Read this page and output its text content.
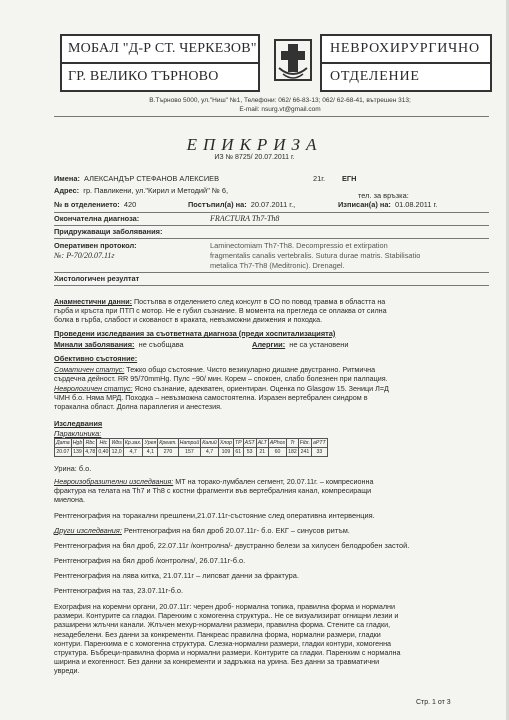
МОБАЛ "Д-Р СТ. ЧЕРКЕЗОВ"
ГР. ВЕЛИКО ТЪРНОВО
НЕВРОХИРУРГИЧНО
ОТДЕЛЕНИЕ
В.Търново 5000, ул."Ниш" №1, Телефони: 062/ 66-83-13; 062/ 62-68-41, вътрешен 313;
E-mail: nsurg.vt@gmail.com
ЕПИКРИЗА
ИЗ № 8725/ 20.07.2011 г.
Имена: АЛЕКСАНДЪР СТЕФАНОВ АЛЕКСИЕВ	21г. ЕГН
Адрес: гр. Павликени, ул."Кирил и Методий" № 6,
тел. за връзка:
№ в отделението: 420	Постъпил(а) на: 20.07.2011 г.,	Изписан(а) на: 01.08.2011 г.
Окончателна диагноза:	FRACTURA Th7-Th8
Придружаващи заболявания:
Оперативен протокол:
№: Р-70/20.07.11г
Laminectomiam Th7-Th8. Decompressio et extirpation
fragmentalis canalis vertebralis. Sutura durae matris. Stabilisatio
metalica Th7-Th8 (Meditronic). Drenagel.
Хистологичен резултат
Анамнестични данни: Постъпва в отделението след консулт в СО по повод травма в областта на
гърба и кръста при ПТП с мотор. Не е губил съзнание. В момента на прегледа се оплаква от силна
болка в гърба, слабост и скованост в краката, невъзможни движения и походка.
Проведени изследвания за съответната диагноза (преди хоспитализацията)
Минали заболявания: не съобщава	Алергии: не са установени
Обективно състояние:
Соматичен статус: Тежко общо състояние. Чисто везикуларно дишане двустранно. Ритмична
сърдечна дейност. RR 95/70mmHg. Пулс ~90/ мин. Корем – спокоен, слабо болезнен при палпация.
Неврологичен статус: Ясно съзнание, адекватен, ориентиран. Оценка по Glasgow 15. Зеници Л=Д
ЧМН б.о. Няма МРД. Походка – невъзможна самостоятелна. Изразен вертебрален синдром в
торакална област. Долна параплегия и анестезия.
Изследвания
Параклиника:
Дата	Hgb	Rbc	Htc	Wbs	Кр.зах.	Урея	Креат.	Натрий	Калий	Хлор	TP	AST	ALT	APhos	Tr	Fibr.	aPTT
20.07	139	4,78	0,40	12,0	4,7	4,1	270	157	4,7	109	61	53	21	60	182	241	33
Урина: б.о.
Невроизобразителни изследвания: МТ на торако-лумбален сегмент, 20.07.11г. – компресионна
фрактура на телата на Th7 и Th8 с костни фрагменти във вертебралния канал, компресиращи
миелона.
Рентгенография на торакални прешлени,21.07.11г-състояние след оперативна интервенция.
Други изследвания: Рентгенография на бял дроб 20.07.11г- б.о. ЕКГ – синусов ритъм.
Рентгенография на бял дроб, 22.07.11г /контролна/- двустранно белези за хилусен белодробен застой.
Рентгенография на бял дроб /контролна/, 26.07.11г-б.о.
Рентгенография на лява китка, 21.07.11г – липсват данни за фрактура.
Рентгенография на таз, 23.07.11г-б.о.
Ехография на коремни органи, 20.07.11г: черен дроб- нормална топика, правилна форма и нормални
размери. Контурите са гладки. Паренхим с хомогенна структура.. Не се визуализират огнищни лезии и
разширени жлъчни канали. Жлъчен мехур-нормални размери, правилна форма. Стените са гладки,
незадебелени. Без данни за конкременти. Панкреас правилна форма, нормални размери, гладки
контури. Паренхима е с хомогенна структура. Слезка-нормални размери, гладки контури, хомогенна
структура. Бъбреци-правилна форма и нормални размери. Контурите са гладки. Паренхим с нормална
ширина и ехогенност. Без данни за конкременти и задръжка на урина. Без данни за травматични
увреди.
Стр. 1 от 3
